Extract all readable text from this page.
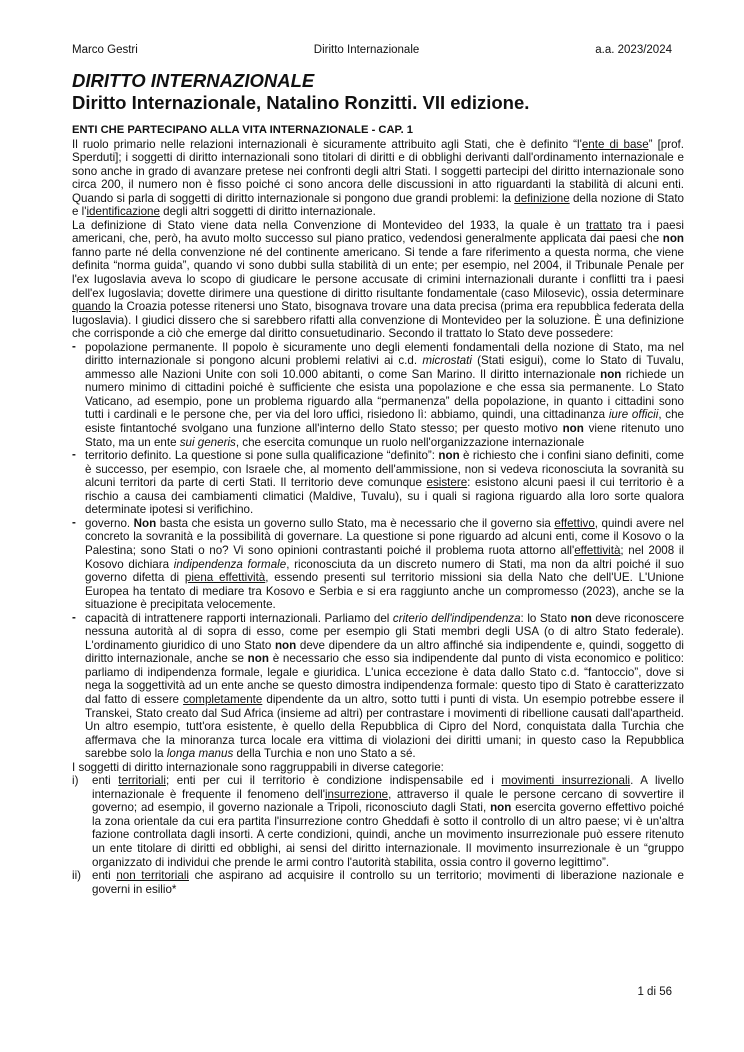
Marco Gestri	Diritto Internazionale	a.a. 2023/2024
DIRITTO INTERNAZIONALE
Diritto Internazionale, Natalino Ronzitti. VII edizione.
ENTI CHE PARTECIPANO ALLA VITA INTERNAZIONALE - CAP. 1

Il ruolo primario nelle relazioni internazionali è sicuramente attribuito agli Stati, che è definito “l'ente di base” [prof. Sperduti]; i soggetti di diritto internazionali sono titolari di diritti e di obblighi derivanti dall'ordinamento internazionale e sono anche in grado di avanzare pretese nei confronti degli altri Stati. I soggetti partecipi del diritto internazionale sono circa 200, il numero non è fisso poiché ci sono ancora delle discussioni in atto riguardanti la stabilità di alcuni enti. Quando si parla di soggetti di diritto internazionale si pongono due grandi problemi: la definizione della nozione di Stato e l'identificazione degli altri soggetti di diritto internazionale.

La definizione di Stato viene data nella Convenzione di Montevideo del 1933, la quale è un trattato tra i paesi americani, che, però, ha avuto molto successo sul piano pratico, vedendosi generalmente applicata dai paesi che non fanno parte né della convenzione né del continente americano. Si tende a fare riferimento a questa norma, che viene definita “norma guida”, quando vi sono dubbi sulla stabilità di un ente; per esempio, nel 2004, il Tribunale Penale per l'ex Iugoslavia aveva lo scopo di giudicare le persone accusate di crimini internazionali durante i conflitti tra i paesi dell'ex Iugoslavia; dovette dirimere una questione di diritto risultante fondamentale (caso Milosevic), ossia determinare quando la Croazia potesse ritenersi uno Stato, bisognava trovare una data precisa (prima era repubblica federata della Iugoslavia). I giudici dissero che si sarebbero rifatti alla convenzione di Montevideo per la soluzione. È una definizione che corrisponde a ciò che emerge dal diritto consuetudinario. Secondo il trattato lo Stato deve possedere:

- popolazione permanente. Il popolo è sicuramente uno degli elementi fondamentali della nozione di Stato, ma nel diritto internazionale si pongono alcuni problemi relativi ai c.d. microstati (Stati esigui), come lo Stato di Tuvalu, ammesso alle Nazioni Unite con soli 10.000 abitanti, o come San Marino. Il diritto internazionale non richiede un numero minimo di cittadini poiché è sufficiente che esista una popolazione e che essa sia permanente. Lo Stato Vaticano, ad esempio, pone un problema riguardo alla “permanenza” della popolazione, in quanto i cittadini sono tutti i cardinali e le persone che, per via del loro uffici, risiedono lì: abbiamo, quindi, una cittadinanza iure officii, che esiste fintantoché svolgano una funzione all'interno dello Stato stesso; per questo motivo non viene ritenuto uno Stato, ma un ente sui generis, che esercita comunque un ruolo nell'organizzazione internazionale
- territorio definito. La questione si pone sulla qualificazione “definito”: non è richiesto che i confini siano definiti, come è successo, per esempio, con Israele che, al momento dell'ammissione, non si vedeva riconosciuta la sovranità su alcuni territori da parte di certi Stati. Il territorio deve comunque esistere: esistono alcuni paesi il cui territorio è a rischio a causa dei cambiamenti climatici (Maldive, Tuvalu), su i quali si ragiona riguardo alla loro sorte qualora determinate ipotesi si verifichino.
- governo. Non basta che esista un governo sullo Stato, ma è necessario che il governo sia effettivo, quindi avere nel concreto la sovranità e la possibilità di governare. La questione si pone riguardo ad alcuni enti, come il Kosovo o la Palestina; sono Stati o no? Vi sono opinioni contrastanti poiché il problema ruota attorno all'effettività; nel 2008 il Kosovo dichiara indipendenza formale, riconosciuta da un discreto numero di Stati, ma non da altri poiché il suo governo difetta di piena effettività, essendo presenti sul territorio missioni sia della Nato che dell'UE. L'Unione Europea ha tentato di mediare tra Kosovo e Serbia e si era raggiunto anche un compromesso (2023), anche se la situazione è precipitata velocemente.
- capacità di intrattenere rapporti internazionali. Parliamo del criterio dell'indipendenza: lo Stato non deve riconoscere nessuna autorità al di sopra di esso, come per esempio gli Stati membri degli USA (o di altro Stato federale). L'ordinamento giuridico di uno Stato non deve dipendere da un altro affinché sia indipendente e, quindi, soggetto di diritto internazionale, anche se non è necessario che esso sia indipendente dal punto di vista economico e politico: parliamo di indipendenza formale, legale e giuridica. L'unica eccezione è data dallo Stato c.d. “fantoccio”, dove si nega la soggettività ad un ente anche se questo dimostra indipendenza formale: questo tipo di Stato è caratterizzato dal fatto di essere completamente dipendente da un altro, sotto tutti i punti di vista. Un esempio potrebbe essere il Transkei, Stato creato dal Sud Africa (insieme ad altri) per contrastare i movimenti di ribellione causati dall'apartheid. Un altro esempio, tutt'ora esistente, è quello della Repubblica di Cipro del Nord, conquistata dalla Turchia che affermava che la minoranza turca locale era vittima di violazioni dei diritti umani; in questo caso la Repubblica sarebbe solo la longa manus della Turchia e non uno Stato a sé.

I soggetti di diritto internazionale sono raggruppabili in diverse categorie:

i) enti territoriali; enti per cui il territorio è condizione indispensabile ed i movimenti insurrezionali. A livello internazionale è frequente il fenomeno dell'insurrezione, attraverso il quale le persone cercano di sovvertire il governo; ad esempio, il governo nazionale a Tripoli, riconosciuto dagli Stati, non esercita governo effettivo poiché la zona orientale da cui era partita l'insurrezione contro Gheddafi è sotto il controllo di un altro paese; vi è un'altra fazione controllata dagli insorti. A certe condizioni, quindi, anche un movimento insurrezionale può essere ritenuto un ente titolare di diritti ed obblighi, ai sensi del diritto internazionale. Il movimento insurrezionale è un “gruppo organizzato di individui che prende le armi contro l'autorità stabilita, ossia contro il governo legittimo”.
ii) enti non territoriali che aspirano ad acquisire il controllo su un territorio; movimenti di liberazione nazionale e governi in esilio*
1 di 56
